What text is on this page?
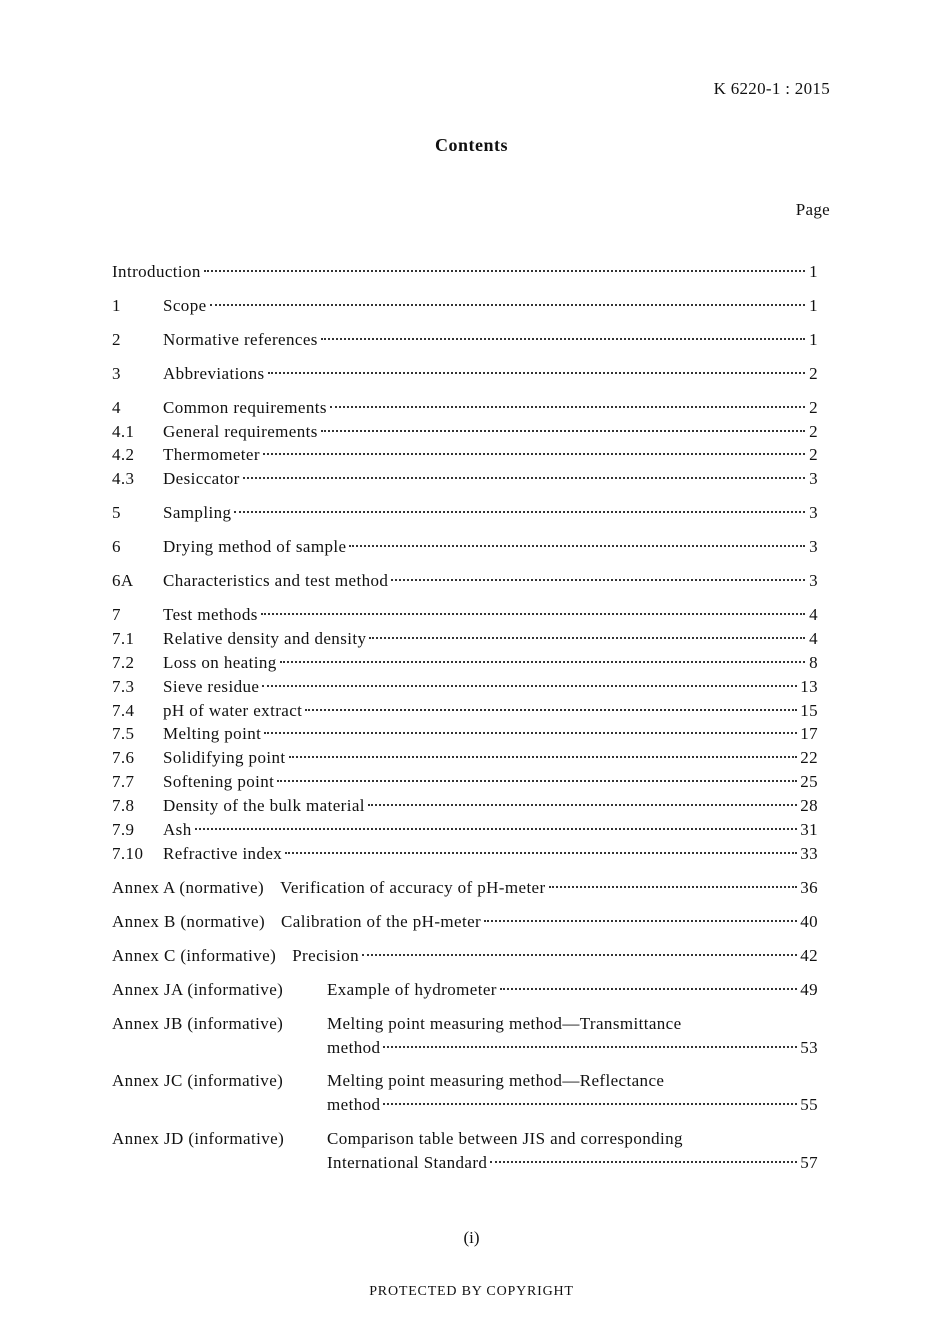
K 6220-1 : 2015
Contents
Page
Introduction	1
1	Scope	1
2	Normative references	1
3	Abbreviations	2
4	Common requirements	2
4.1	General requirements	2
4.2	Thermometer	2
4.3	Desiccator	3
5	Sampling	3
6	Drying method of sample	3
6A	Characteristics and test method	3
7	Test methods	4
7.1	Relative density and density	4
7.2	Loss on heating	8
7.3	Sieve residue	13
7.4	pH of water extract	15
7.5	Melting point	17
7.6	Solidifying point	22
7.7	Softening point	25
7.8	Density of the bulk material	28
7.9	Ash	31
7.10	Refractive index	33
Annex A (normative) Verification of accuracy of pH-meter	36
Annex B (normative) Calibration of the pH-meter	40
Annex C (informative) Precision	42
Annex JA (informative)	Example of hydrometer	49
Annex JB (informative)	Melting point measuring method—Transmittance
method	53
Annex JC (informative)	Melting point measuring method—Reflectance
method	55
Annex JD (informative)	Comparison table between JIS and corresponding
International Standard	57
(i)
PROTECTED BY COPYRIGHT
